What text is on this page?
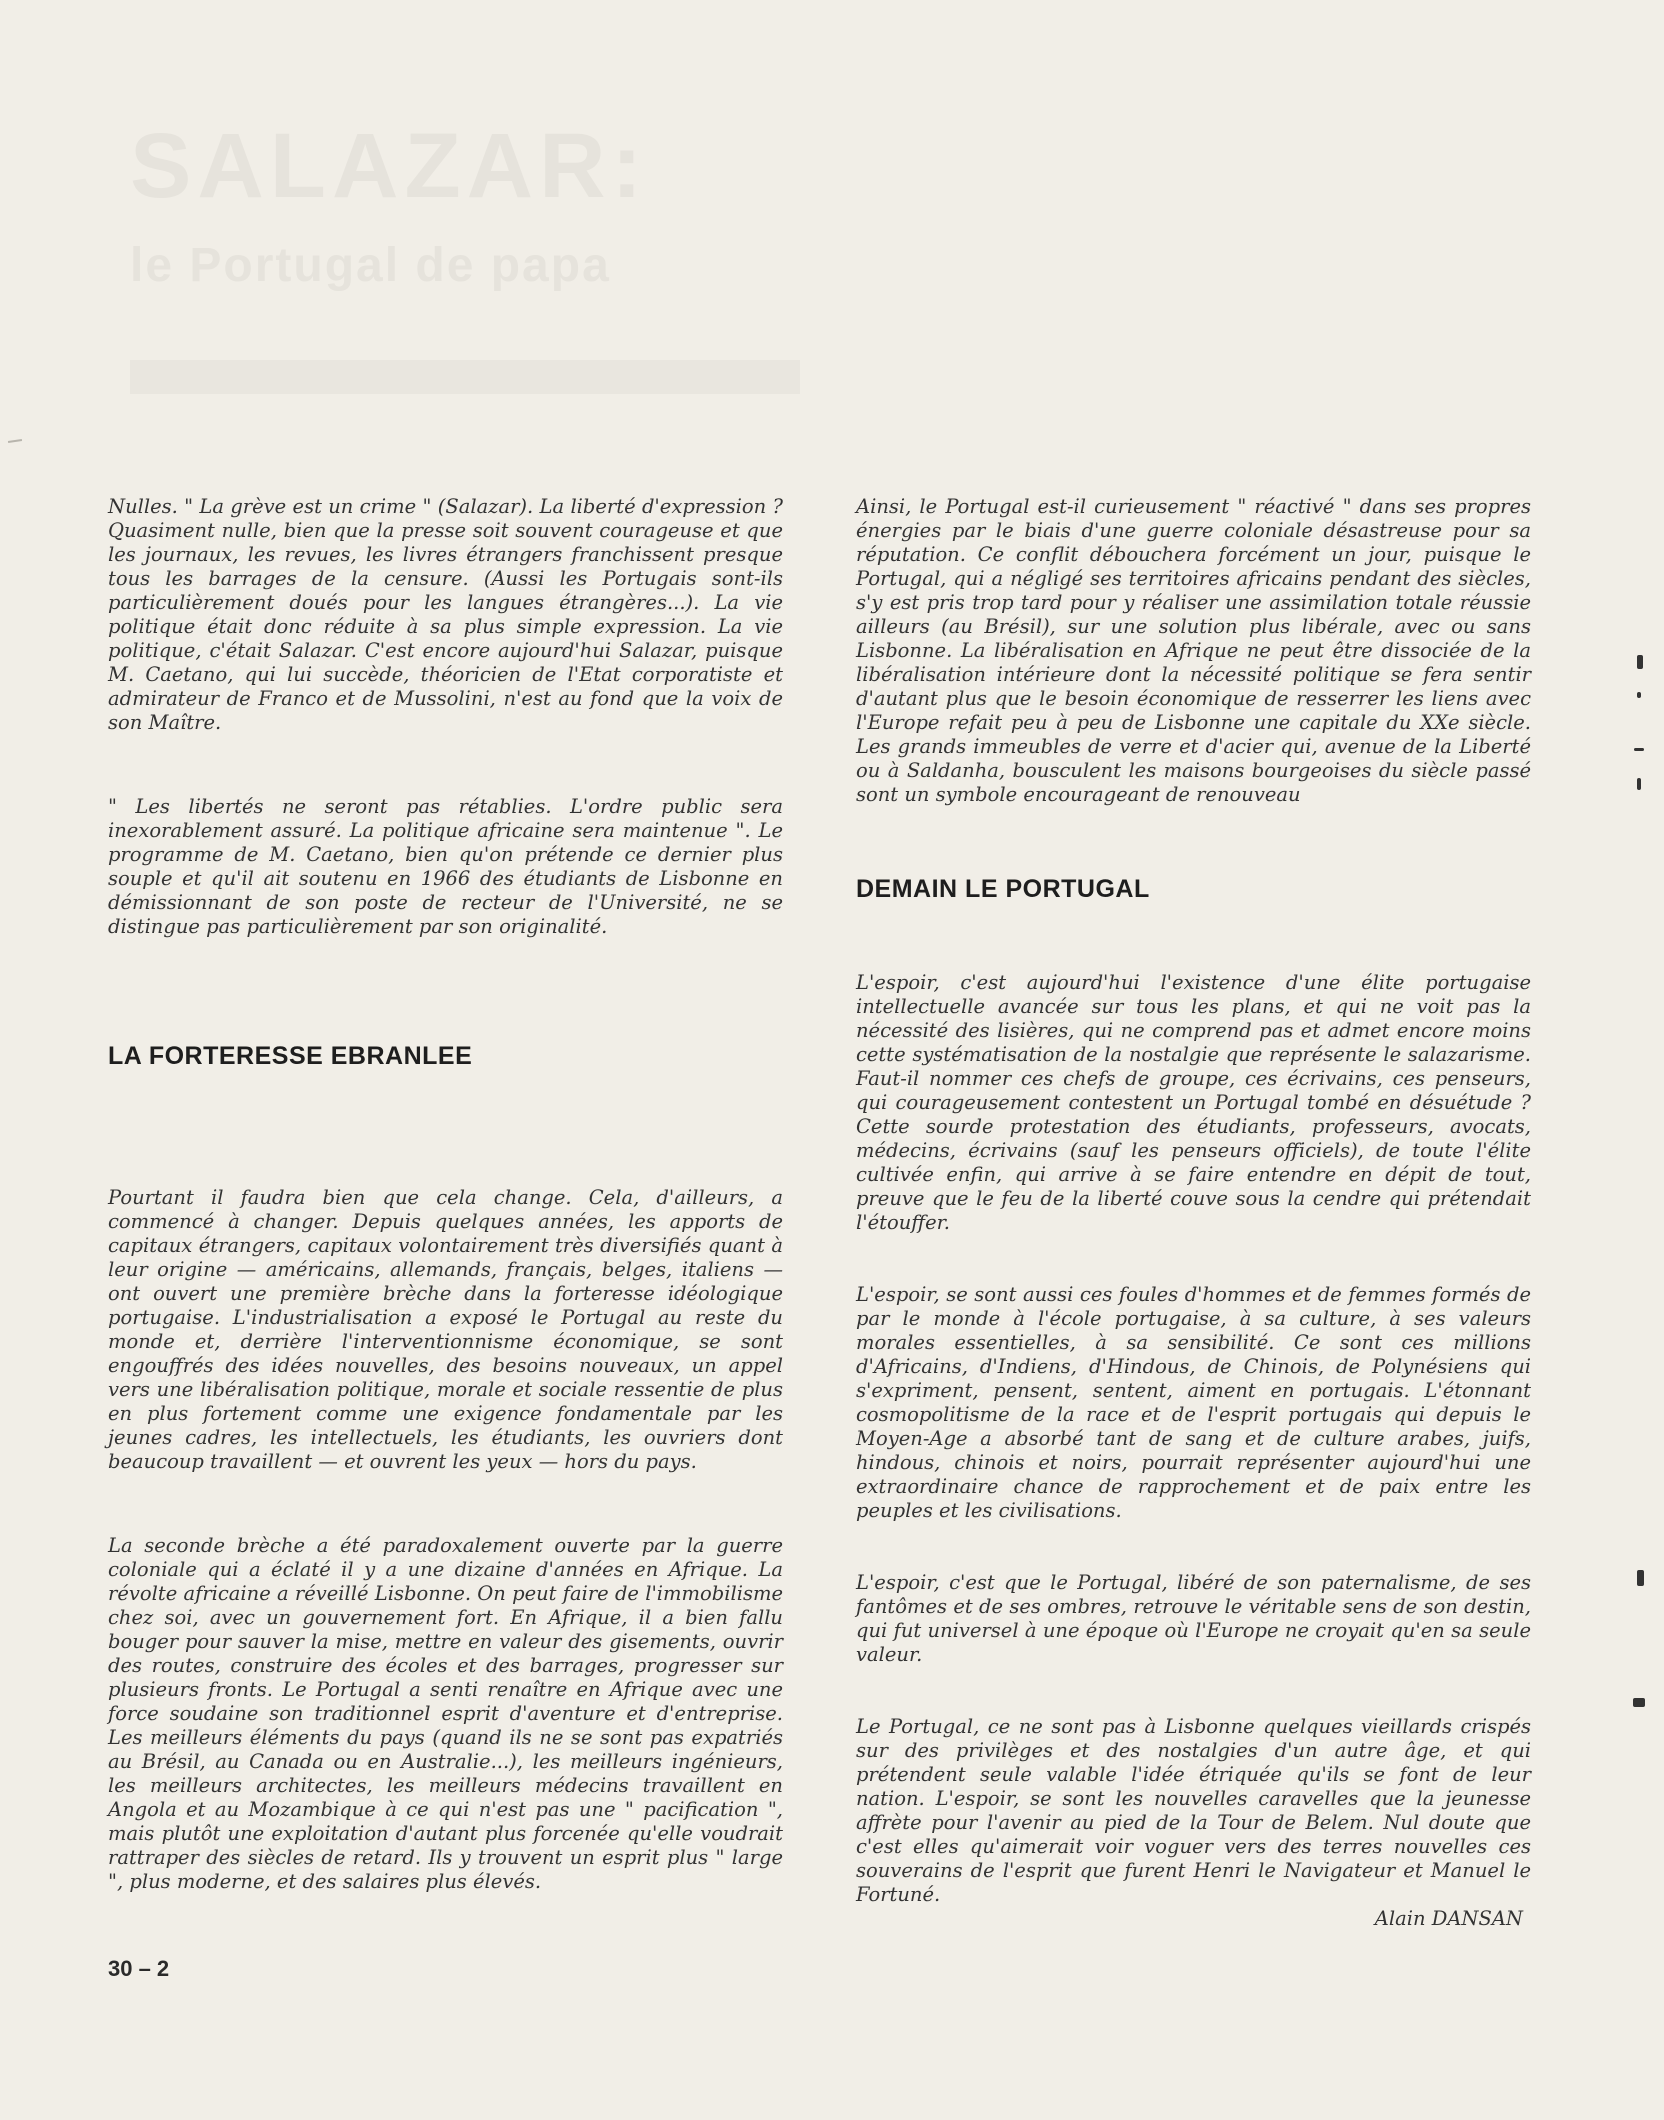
SALAZAR:
le Portugal de papa

Nulles. " La grève est un crime " (Salazar). La liberté d'expression ? Quasiment nulle, bien que la presse soit souvent courageuse et que les journaux, les revues, les livres étrangers franchissent presque tous les barrages de la censure. (Aussi les Portugais sont-ils particulièrement doués pour les langues étrangères...). La vie politique était donc réduite à sa plus simple expression. La vie politique, c'était Salazar. C'est encore aujourd'hui Salazar, puisque M. Caetano, qui lui succède, théoricien de l'Etat corporatiste et admirateur de Franco et de Mussolini, n'est au fond que la voix de son Maître.

" Les libertés ne seront pas rétablies. L'ordre public sera inexorablement assuré. La politique africaine sera maintenue ". Le programme de M. Caetano, bien qu'on prétende ce dernier plus souple et qu'il ait soutenu en 1966 des étudiants de Lisbonne en démissionnant de son poste de recteur de l'Université, ne se distingue pas particulièrement par son originalité.

LA FORTERESSE EBRANLEE

Pourtant il faudra bien que cela change. Cela, d'ailleurs, a commencé à changer. Depuis quelques années, les apports de capitaux étrangers, capitaux volontairement très diversifiés quant à leur origine — américains, allemands, français, belges, italiens — ont ouvert une première brèche dans la forteresse idéologique portugaise. L'industrialisation a exposé le Portugal au reste du monde et, derrière l'interventionnisme économique, se sont engouffrés des idées nouvelles, des besoins nouveaux, un appel vers une libéralisation politique, morale et sociale ressentie de plus en plus fortement comme une exigence fondamentale par les jeunes cadres, les intellectuels, les étudiants, les ouvriers dont beaucoup travaillent — et ouvrent les yeux — hors du pays.

La seconde brèche a été paradoxalement ouverte par la guerre coloniale qui a éclaté il y a une dizaine d'années en Afrique. La révolte africaine a réveillé Lisbonne. On peut faire de l'immobilisme chez soi, avec un gouvernement fort. En Afrique, il a bien fallu bouger pour sauver la mise, mettre en valeur des gisements, ouvrir des routes, construire des écoles et des barrages, progresser sur plusieurs fronts. Le Portugal a senti renaître en Afrique avec une force soudaine son traditionnel esprit d'aventure et d'entreprise. Les meilleurs éléments du pays (quand ils ne se sont pas expatriés au Brésil, au Canada ou en Australie...), les meilleurs ingénieurs, les meilleurs architectes, les meilleurs médecins travaillent en Angola et au Mozambique à ce qui n'est pas une " pacification ", mais plutôt une exploitation d'autant plus forcenée qu'elle voudrait rattraper des siècles de retard. Ils y trouvent un esprit plus " large ", plus moderne, et des salaires plus élevés.

Ainsi, le Portugal est-il curieusement " réactivé " dans ses propres énergies par le biais d'une guerre coloniale désastreuse pour sa réputation. Ce conflit débouchera forcément un jour, puisque le Portugal, qui a négligé ses territoires africains pendant des siècles, s'y est pris trop tard pour y réaliser une assimilation totale réussie ailleurs (au Brésil), sur une solution plus libérale, avec ou sans Lisbonne. La libéralisation en Afrique ne peut être dissociée de la libéralisation intérieure dont la nécessité politique se fera sentir d'autant plus que le besoin économique de resserrer les liens avec l'Europe refait peu à peu de Lisbonne une capitale du XXe siècle. Les grands immeubles de verre et d'acier qui, avenue de la Liberté ou à Saldanha, bousculent les maisons bourgeoises du siècle passé sont un symbole encourageant de renouveau

DEMAIN LE PORTUGAL

L'espoir, c'est aujourd'hui l'existence d'une élite portugaise intellectuelle avancée sur tous les plans, et qui ne voit pas la nécessité des lisières, qui ne comprend pas et admet encore moins cette systématisation de la nostalgie que représente le salazarisme. Faut-il nommer ces chefs de groupe, ces écrivains, ces penseurs, qui courageusement contestent un Portugal tombé en désuétude ? Cette sourde protestation des étudiants, professeurs, avocats, médecins, écrivains (sauf les penseurs officiels), de toute l'élite cultivée enfin, qui arrive à se faire entendre en dépit de tout, preuve que le feu de la liberté couve sous la cendre qui prétendait l'étouffer.

L'espoir, se sont aussi ces foules d'hommes et de femmes formés de par le monde à l'école portugaise, à sa culture, à ses valeurs morales essentielles, à sa sensibilité. Ce sont ces millions d'Africains, d'Indiens, d'Hindous, de Chinois, de Polynésiens qui s'expriment, pensent, sentent, aiment en portugais. L'étonnant cosmopolitisme de la race et de l'esprit portugais qui depuis le Moyen-Age a absorbé tant de sang et de culture arabes, juifs, hindous, chinois et noirs, pourrait représenter aujourd'hui une extraordinaire chance de rapprochement et de paix entre les peuples et les civilisations.

L'espoir, c'est que le Portugal, libéré de son paternalisme, de ses fantômes et de ses ombres, retrouve le véritable sens de son destin, qui fut universel à une époque où l'Europe ne croyait qu'en sa seule valeur.

Le Portugal, ce ne sont pas à Lisbonne quelques vieillards crispés sur des privilèges et des nostalgies d'un autre âge, et qui prétendent seule valable l'idée étriquée qu'ils se font de leur nation. L'espoir, se sont les nouvelles caravelles que la jeunesse affrète pour l'avenir au pied de la Tour de Belem. Nul doute que c'est elles qu'aimerait voir voguer vers des terres nouvelles ces souverains de l'esprit que furent Henri le Navigateur et Manuel le Fortuné.

Alain DANSAN

30 – 2
